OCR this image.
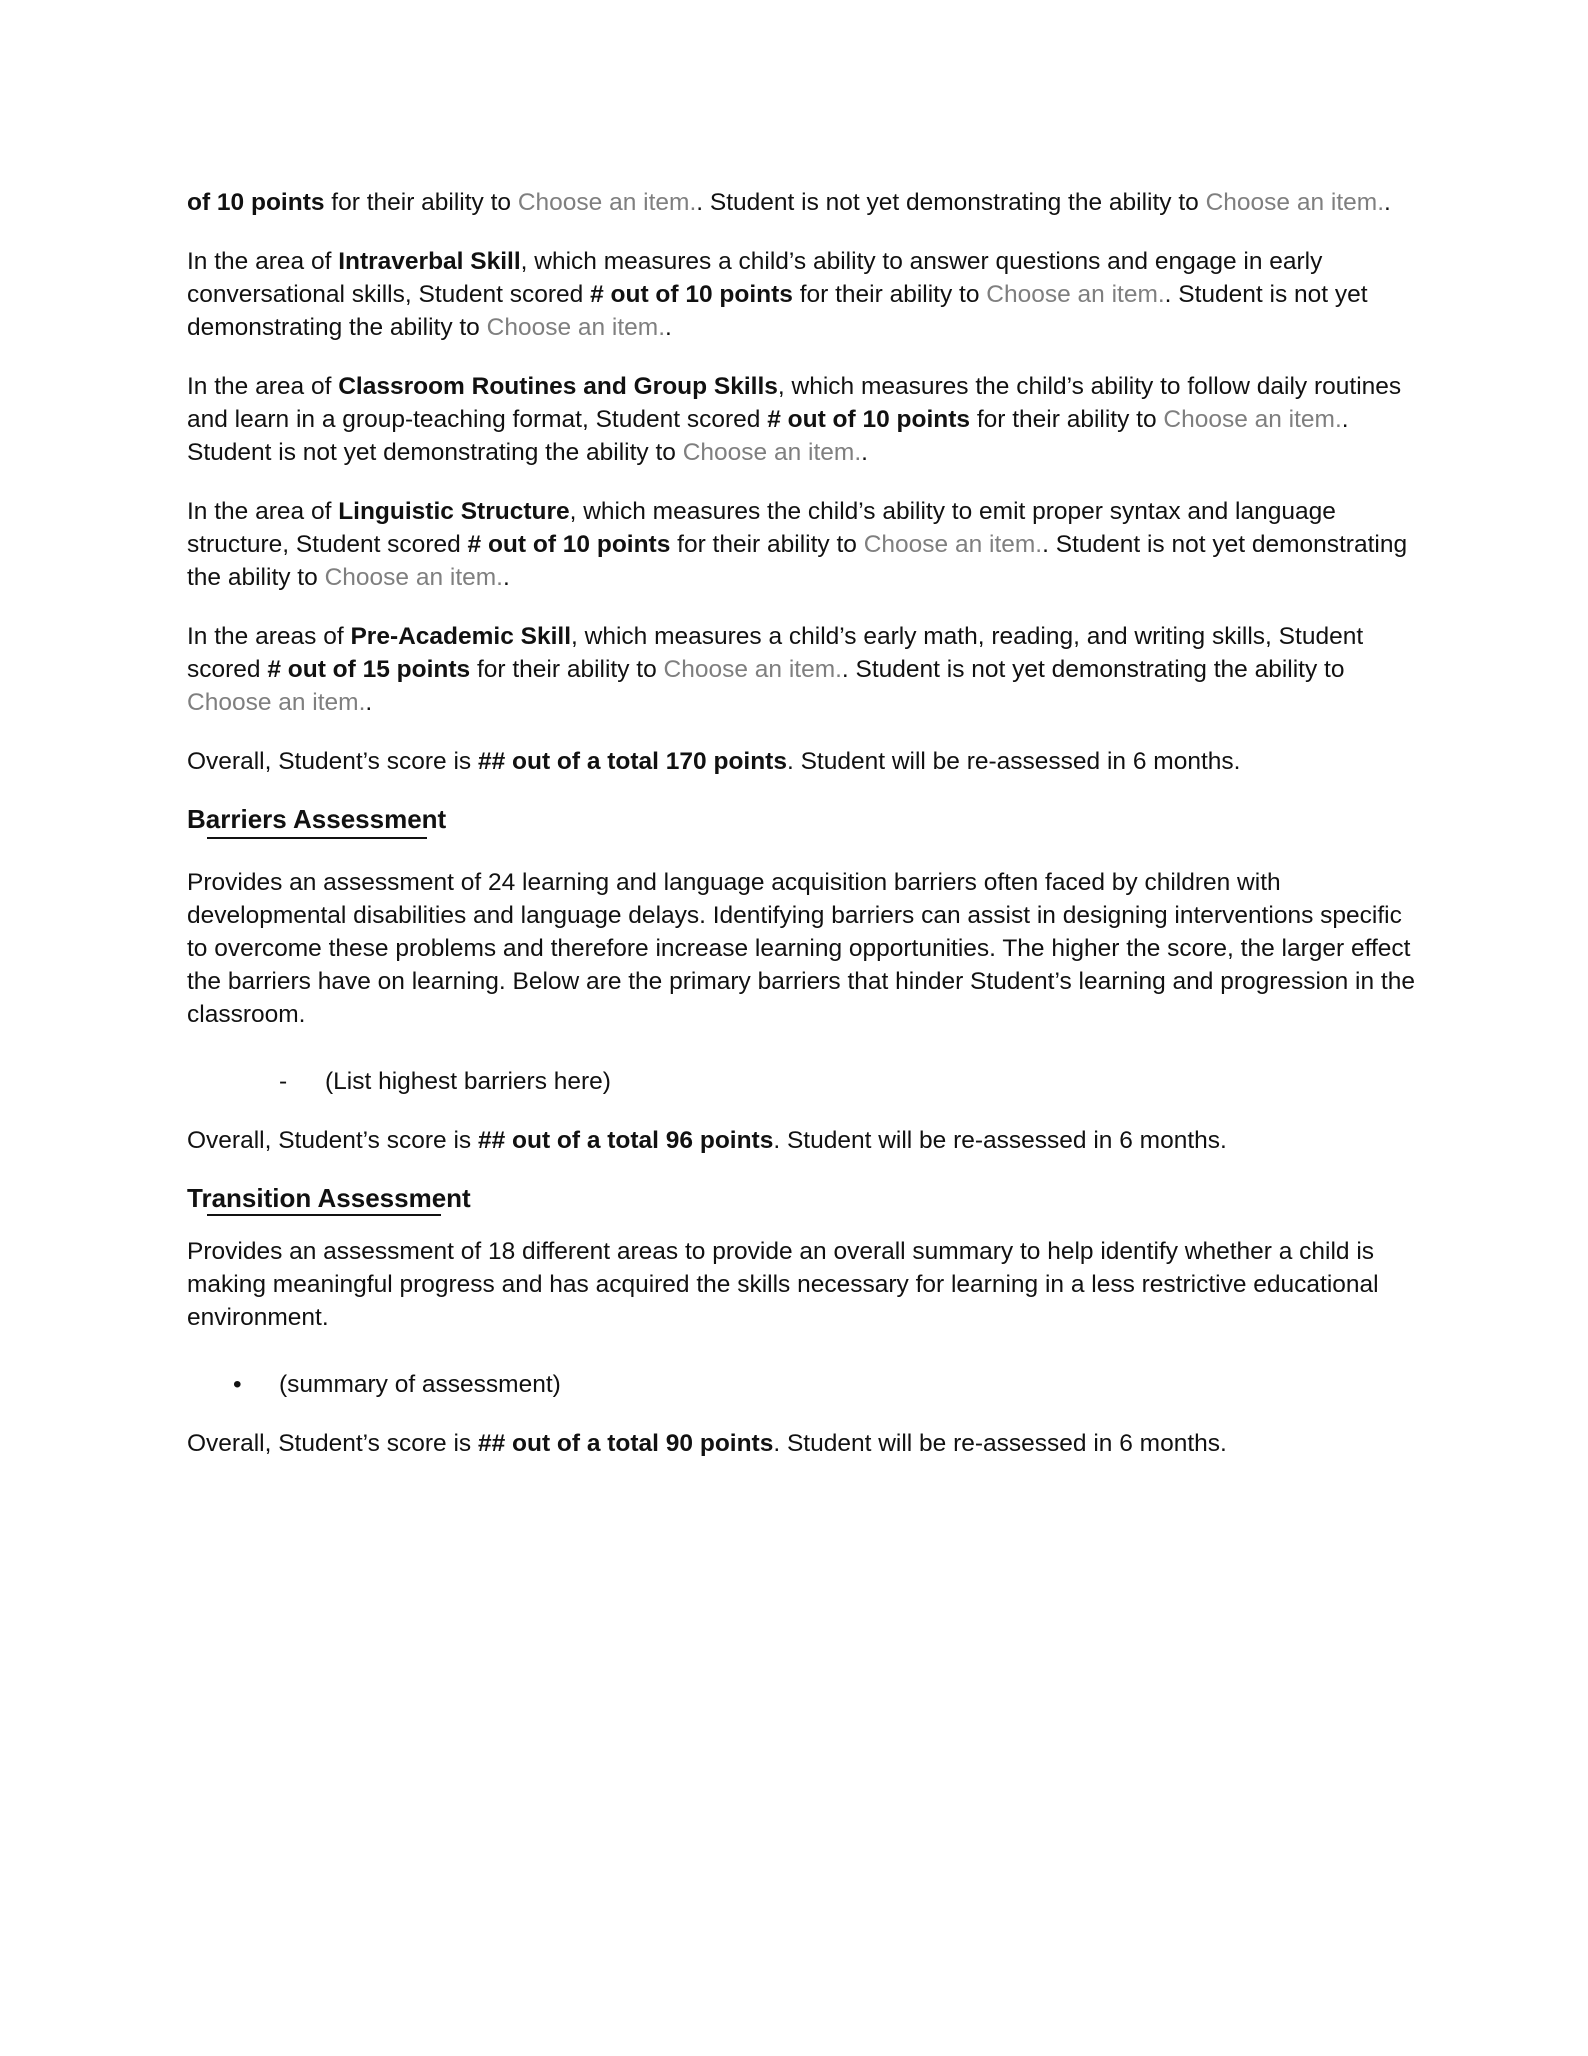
of 10 points for their ability to Choose an item.. Student is not yet demonstrating the ability to Choose an item..

In the area of Intraverbal Skill, which measures a child’s ability to answer questions and engage in early conversational skills, Student scored # out of 10 points for their ability to Choose an item.. Student is not yet demonstrating the ability to Choose an item..

In the area of Classroom Routines and Group Skills, which measures the child’s ability to follow daily routines and learn in a group-teaching format, Student scored # out of 10 points for their ability to Choose an item.. Student is not yet demonstrating the ability to Choose an item..

In the area of Linguistic Structure, which measures the child’s ability to emit proper syntax and language structure, Student scored # out of 10 points for their ability to Choose an item.. Student is not yet demonstrating the ability to Choose an item..

In the areas of Pre-Academic Skill, which measures a child’s early math, reading, and writing skills, Student scored # out of 15 points for their ability to Choose an item.. Student is not yet demonstrating the ability to Choose an item..

Overall, Student’s score is ## out of a total 170 points. Student will be re-assessed in 6 months.

Barriers Assessment

Provides an assessment of 24 learning and language acquisition barriers often faced by children with developmental disabilities and language delays. Identifying barriers can assist in designing interventions specific to overcome these problems and therefore increase learning opportunities. The higher the score, the larger effect the barriers have on learning. Below are the primary barriers that hinder Student’s learning and progression in the classroom.

- (List highest barriers here)

Overall, Student’s score is ## out of a total 96 points. Student will be re-assessed in 6 months.

Transition Assessment

Provides an assessment of 18 different areas to provide an overall summary to help identify whether a child is making meaningful progress and has acquired the skills necessary for learning in a less restrictive educational environment.

• (summary of assessment)

Overall, Student’s score is ## out of a total 90 points. Student will be re-assessed in 6 months.
